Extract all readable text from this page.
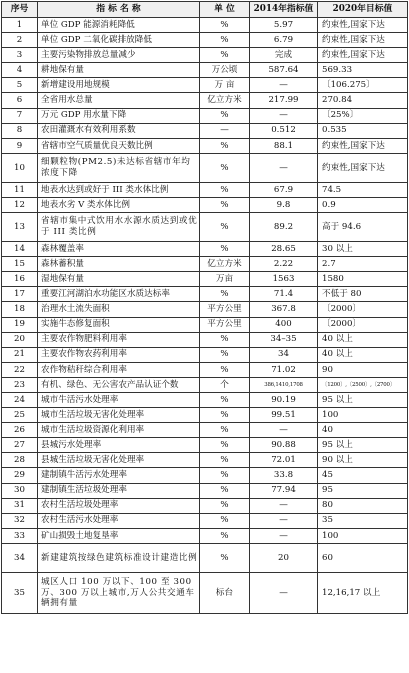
序号	指 标 名 称	单 位	2014年指标值	2020年目标值
1	单位 GDP 能源消耗降低	%	5.97	约束性,国家下达
2	单位 GDP 二氧化碳排放降低	%	6.79	约束性,国家下达
3	主要污染物排放总量减少	%	完成	约束性,国家下达
4	耕地保有量	万公顷	587.64	569.33
5	新增建设用地规模	万 亩	—	〔106.275〕
6	全省用水总量	亿立方米	217.99	270.84
7	万元 GDP 用水量下降	%	—	〔25%〕
8	农田灌溉水有效利用系数	—	0.512	0.535
9	省辖市空气质量优良天数比例	%	88.1	约束性,国家下达
10	细颗粒物(PM2.5)未达标省辖市年均浓度下降	%	—	约束性,国家下达
11	地表水达到或好于 III 类水体比例	%	67.9	74.5
12	地表水劣 V 类水体比例	%	9.8	0.9
13	省辖市集中式饮用水水源水质达到或优于 III 类比例	%	89.2	高于 94.6
14	森林覆盖率	%	28.65	30 以上
15	森林蓄积量	亿立方米	2.22	2.7
16	湿地保有量	万亩	1563	1580
17	重要江河湖泊水功能区水质达标率	%	71.4	不低于 80
18	治理水土流失面积	平方公里	367.8	〔2000〕
19	实施牛态修复面积	平方公里	400	〔2000〕
20	主要农作物肥料利用率	%	34–35	40 以上
21	主要农作物农药利用率	%	34	40 以上
22	农作物秸秆综合利用率	%	71.02	90
23	有机、绿色、无公害农产品认证个数	个	386,1410,1708	〔1200〕,〔2500〕,〔2700〕
24	城市牛活污水处理率	%	90.19	95 以上
25	城市生活垃圾无害化处理率	%	99.51	100
26	城市生活垃圾资源化利用率	%	—	40
27	县城污水处理率	%	90.88	95 以上
28	县城生活垃圾无害化处理率	%	72.01	90 以上
29	建制镇牛活污水处理率	%	33.8	45
30	建制镇生活垃圾处理率	%	77.94	95
31	农村生活垃圾处理率	%	—	80
32	农村生活污水处理率	%	—	35
33	矿山损毁土地复垦率	%	—	100
34	新建建筑按绿色建筑标准设计建造比例	%	20	60
35	城区人口 100 万以下、100 至 300 万、300 万以上城市,万人公共交通车辆拥有量	标台	—	12,16,17 以上
